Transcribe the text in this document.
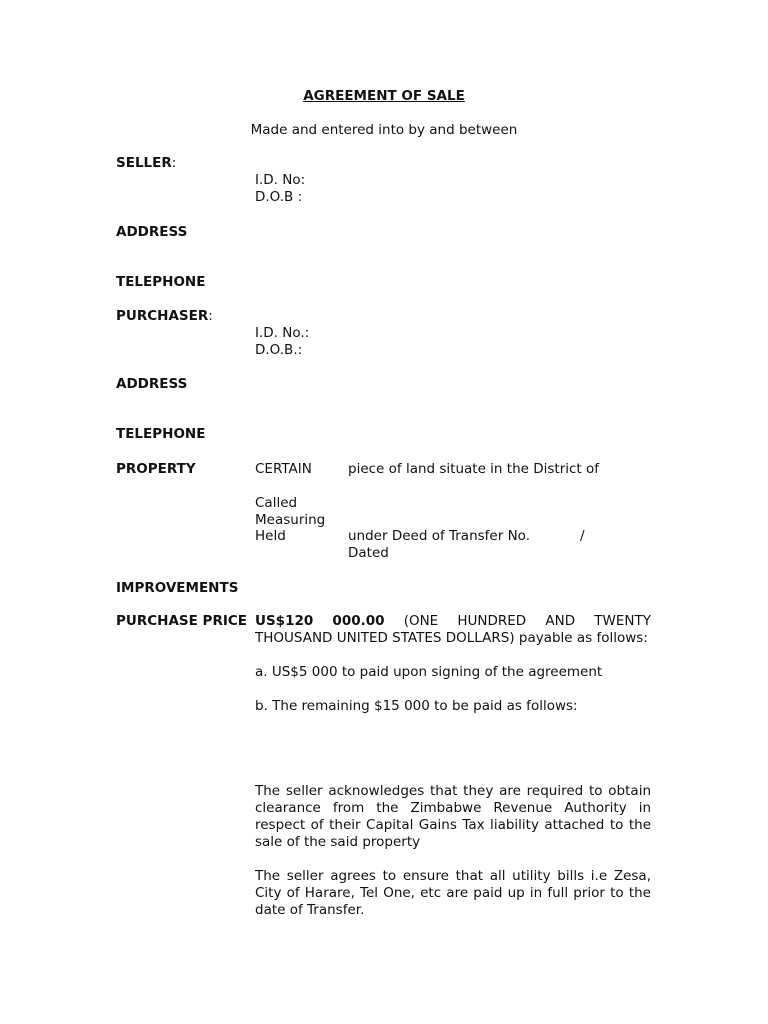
AGREEMENT OF SALE
Made and entered into by and between
SELLER:
I.D. No:
D.O.B :
ADDRESS
TELEPHONE
PURCHASER:
I.D. No.:
D.O.B.:
ADDRESS
TELEPHONE
PROPERTY	CERTAIN	piece of land situate in the District of
Called
Measuring
Held	under Deed of Transfer No.	/
Dated
IMPROVEMENTS
PURCHASE PRICE US$120 000.00 (ONE HUNDRED AND TWENTY
THOUSAND UNITED STATES DOLLARS) payable as follows:
a. US$5 000 to paid upon signing of the agreement
b. The remaining $15 000 to be paid as follows:
The seller acknowledges that they are required to obtain clearance from the Zimbabwe Revenue Authority in respect of their Capital Gains Tax liability attached to the sale of the said property
The seller agrees to ensure that all utility bills i.e Zesa, City of Harare, Tel One, etc are paid up in full prior to the date of Transfer.
